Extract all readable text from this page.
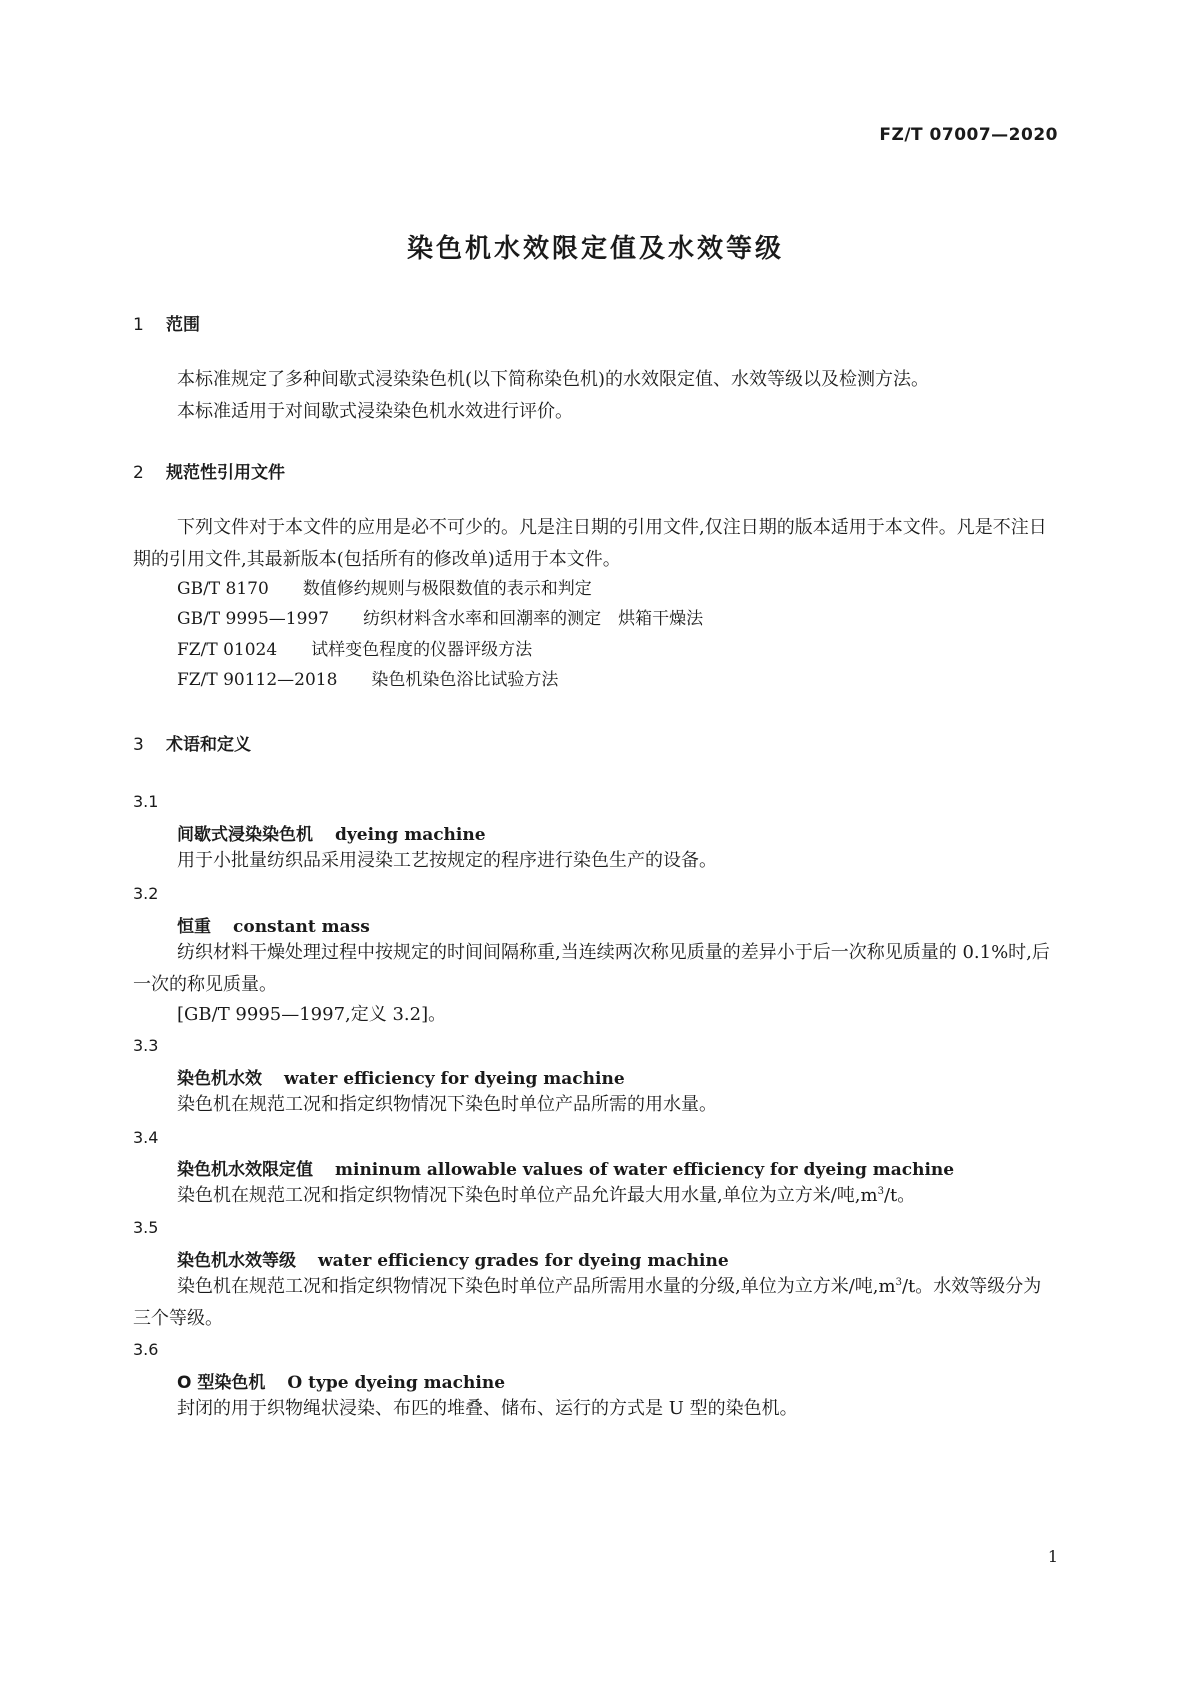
FZ/T 07007—2020
染色机水效限定值及水效等级
1 范围
本标准规定了多种间歇式浸染染色机(以下简称染色机)的水效限定值、水效等级以及检测方法。
本标准适用于对间歇式浸染染色机水效进行评价。
2 规范性引用文件
下列文件对于本文件的应用是必不可少的。凡是注日期的引用文件,仅注日期的版本适用于本文件。凡是不注日期的引用文件,其最新版本(包括所有的修改单)适用于本文件。
GB/T 8170　　 数值修约规则与极限数值的表示和判定
GB/T 9995—1997　　 纺织材料含水率和回潮率的测定　烘箱干燥法
FZ/T 01024　　 试样变色程度的仪器评级方法
FZ/T 90112—2018　　 染色机染色浴比试验方法
3 术语和定义
3.1
间歇式浸染染色机 dyeing machine
用于小批量纺织品采用浸染工艺按规定的程序进行染色生产的设备。
3.2
恒重 constant mass
纺织材料干燥处理过程中按规定的时间间隔称重,当连续两次称见质量的差异小于后一次称见质量的 0.1%时,后一次的称见质量。
[GB/T 9995—1997,定义 3.2]。
3.3
染色机水效 water efficiency for dyeing machine
染色机在规范工况和指定织物情况下染色时单位产品所需的用水量。
3.4
染色机水效限定值 mininum allowable values of water efficiency for dyeing machine
染色机在规范工况和指定织物情况下染色时单位产品允许最大用水量,单位为立方米/吨$,m^3/t$。
3.5
染色机水效等级 water efficiency grades for dyeing machine
染色机在规范工况和指定织物情况下染色时单位产品所需用水量的分级,单位为立方米/吨$,m^3/t$。水效等级分为三个等级。
3.6
O 型染色机 O type dyeing machine
封闭的用于织物绳状浸染、布匹的堆叠、储布、运行的方式是 U 型的染色机。
1
